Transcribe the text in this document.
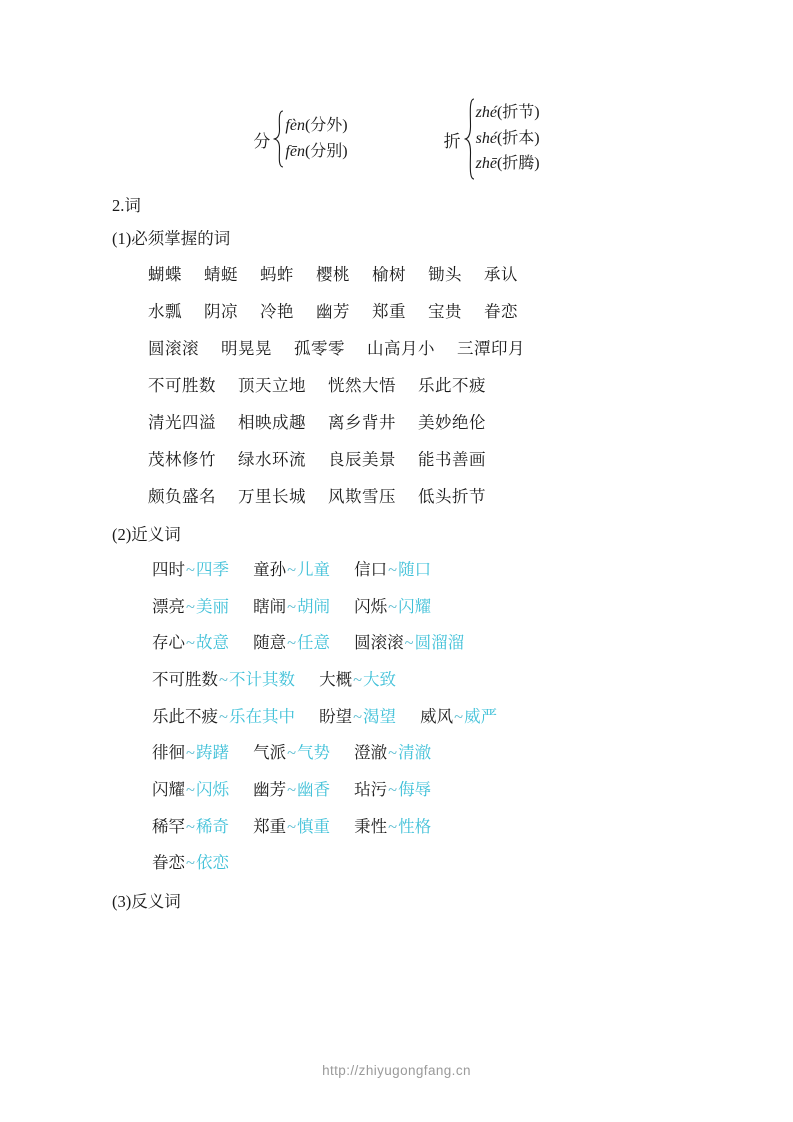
分
fèn(分外)
fēn(分别)
折
zhé(折节)
shé(折本)
zhē(折腾)
2.词
(1)必须掌握的词
蝴蝶 蜻蜓 蚂蚱 樱桃 榆树 锄头 承认
水瓢 阴凉 冷艳 幽芳 郑重 宝贵 眷恋
圆滚滚 明晃晃 孤零零 山高月小 三潭印月
不可胜数 顶天立地 恍然大悟 乐此不疲
清光四溢 相映成趣 离乡背井 美妙绝伦
茂林修竹 绿水环流 良辰美景 能书善画
颇负盛名 万里长城 风欺雪压 低头折节
(2)近义词
四时~四季 童孙~儿童 信口~随口
漂亮~美丽 瞎闹~胡闹 闪烁~闪耀
存心~故意 随意~任意 圆滚滚~圆溜溜
不可胜数~不计其数 大概~大致
乐此不疲~乐在其中 盼望~渴望 威风~威严
徘徊~踌躇 气派~气势 澄澈~清澈
闪耀~闪烁 幽芳~幽香 玷污~侮辱
稀罕~稀奇 郑重~慎重 秉性~性格
眷恋~依恋
(3)反义词
http://zhiyugongfang.cn
